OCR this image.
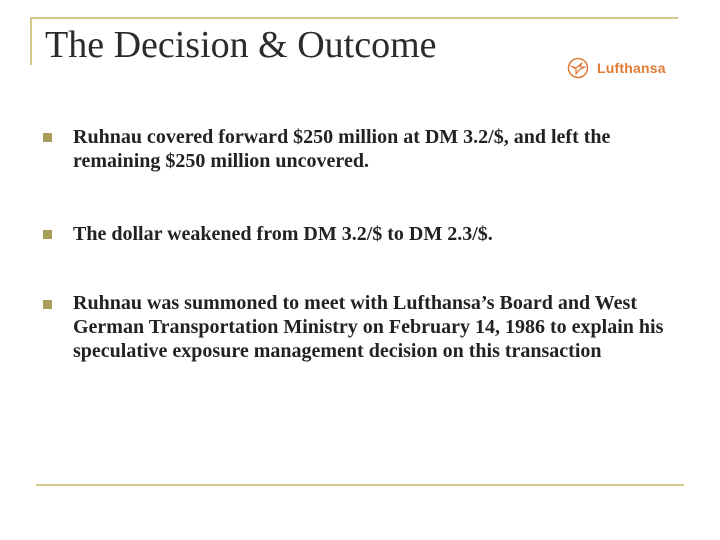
The Decision & Outcome
Lufthansa
Ruhnau covered forward $250 million at DM 3.2/$, and left the remaining $250 million uncovered.
The dollar weakened from DM 3.2/$ to DM 2.3/$.
Ruhnau was summoned to meet with Lufthansa’s Board and West German Transportation Ministry on February 14, 1986 to explain his speculative exposure management decision on this transaction
